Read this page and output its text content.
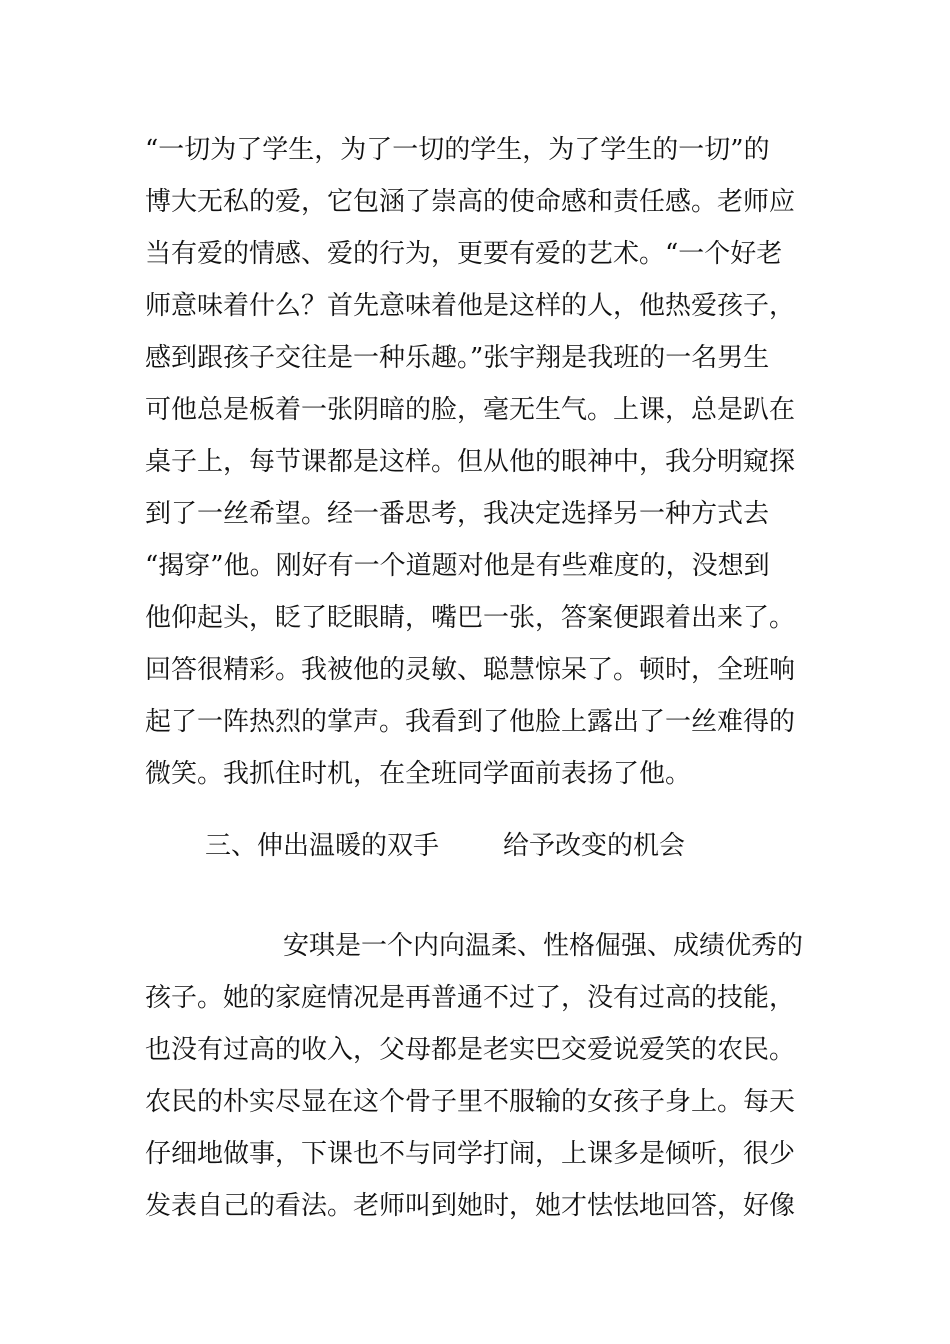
“一切为了学生，为了一切的学生，为了学生的一切”的
博大无私的爱，它包涵了崇高的使命感和责任感。老师应
当有爱的情感、爱的行为，更要有爱的艺术。“一个好老
师意味着什么？首先意味着他是这样的人，他热爱孩子，
感到跟孩子交往是一种乐趣。”张宇翔是我班的一名男生
可他总是板着一张阴暗的脸，毫无生气。上课，总是趴在
桌子上，每节课都是这样。但从他的眼神中，我分明窥探
到了一丝希望。经一番思考，我决定选择另一种方式去
“揭穿”他。刚好有一个道题对他是有些难度的，没想到
他仰起头，眨了眨眼睛，嘴巴一张，答案便跟着出来了。
回答很精彩。我被他的灵敏、聪慧惊呆了。顿时，全班响
起了一阵热烈的掌声。我看到了他脸上露出了一丝难得的
微笑。我抓住时机，在全班同学面前表扬了他。
三、伸出温暖的双手 给予改变的机会
安琪是一个内向温柔、性格倔强、成绩优秀的
孩子。她的家庭情况是再普通不过了，没有过高的技能，
也没有过高的收入，父母都是老实巴交爱说爱笑的农民。
农民的朴实尽显在这个骨子里不服输的女孩子身上。每天
仔细地做事，下课也不与同学打闹，上课多是倾听，很少
发表自己的看法。老师叫到她时，她才怯怯地回答，好像
